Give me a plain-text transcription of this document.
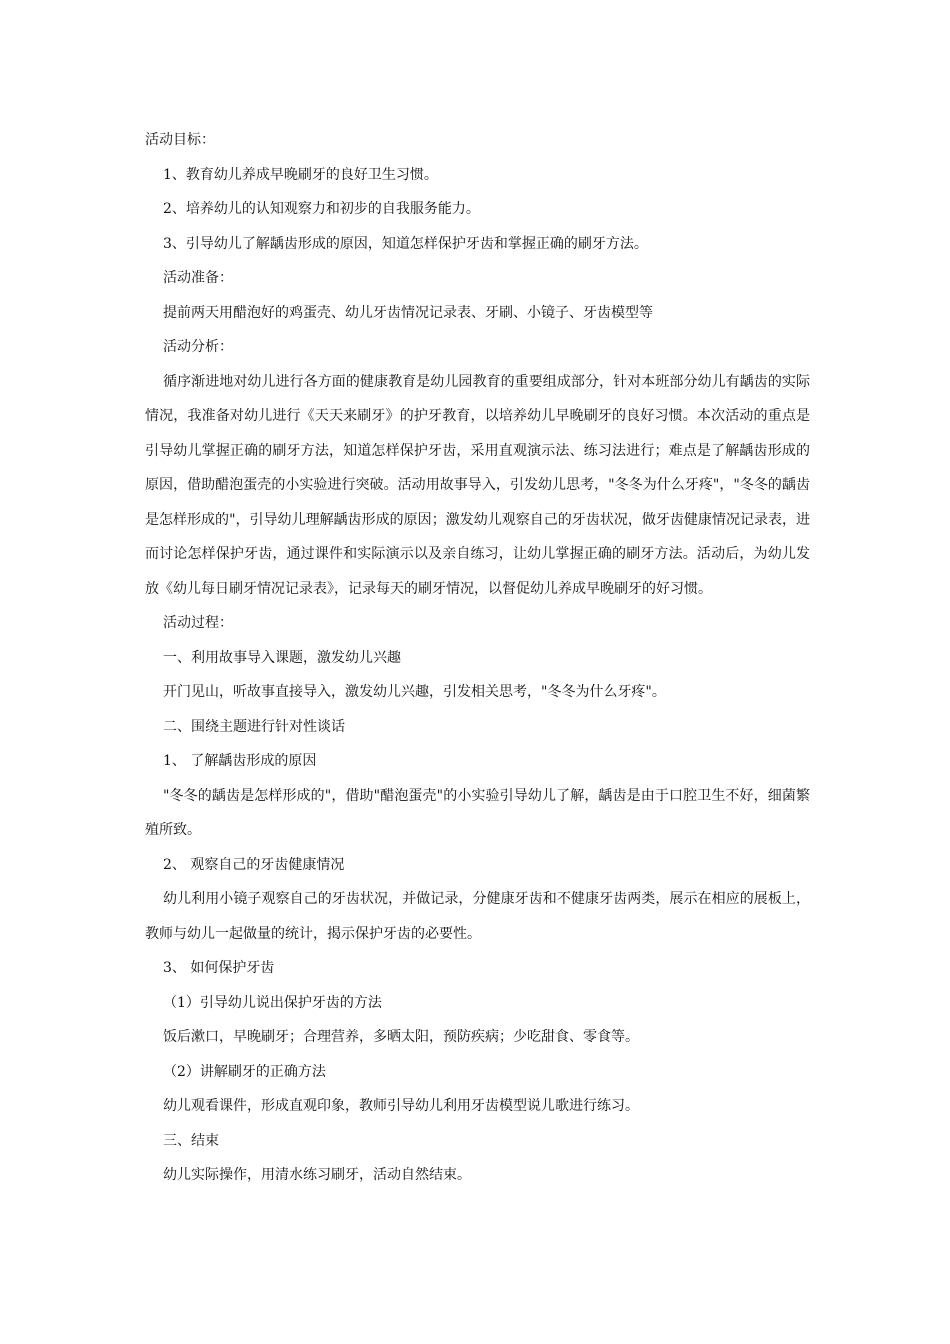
活动目标：

1、教育幼儿养成早晚刷牙的良好卫生习惯。

2、培养幼儿的认知观察力和初步的自我服务能力。

3、引导幼儿了解龋齿形成的原因，知道怎样保护牙齿和掌握正确的刷牙方法。

活动准备：

提前两天用醋泡好的鸡蛋壳、幼儿牙齿情况记录表、牙刷、小镜子、牙齿模型等

活动分析：

循序渐进地对幼儿进行各方面的健康教育是幼儿园教育的重要组成部分，针对本班部分幼儿有龋齿的实际情况，我准备对幼儿进行《天天来刷牙》的护牙教育，以培养幼儿早晚刷牙的良好习惯。本次活动的重点是引导幼儿掌握正确的刷牙方法，知道怎样保护牙齿，采用直观演示法、练习法进行；难点是了解龋齿形成的原因，借助醋泡蛋壳的小实验进行突破。活动用故事导入，引发幼儿思考，"冬冬为什么牙疼"，"冬冬的龋齿是怎样形成的"，引导幼儿理解龋齿形成的原因；激发幼儿观察自己的牙齿状况，做牙齿健康情况记录表，进而讨论怎样保护牙齿，通过课件和实际演示以及亲自练习，让幼儿掌握正确的刷牙方法。活动后，为幼儿发放《幼儿每日刷牙情况记录表》，记录每天的刷牙情况，以督促幼儿养成早晚刷牙的好习惯。

活动过程：

一、利用故事导入课题，激发幼儿兴趣

开门见山，听故事直接导入，激发幼儿兴趣，引发相关思考，"冬冬为什么牙疼"。

二、围绕主题进行针对性谈话

1、 了解龋齿形成的原因

"冬冬的龋齿是怎样形成的"，借助"醋泡蛋壳"的小实验引导幼儿了解，龋齿是由于口腔卫生不好，细菌繁殖所致。

2、 观察自己的牙齿健康情况

幼儿利用小镜子观察自己的牙齿状况，并做记录，分健康牙齿和不健康牙齿两类，展示在相应的展板上，教师与幼儿一起做量的统计，揭示保护牙齿的必要性。

3、 如何保护牙齿

（1）引导幼儿说出保护牙齿的方法

饭后漱口，早晚刷牙；合理营养，多晒太阳，预防疾病；少吃甜食、零食等。

（2）讲解刷牙的正确方法

幼儿观看课件，形成直观印象，教师引导幼儿利用牙齿模型说儿歌进行练习。

三、结束

幼儿实际操作，用清水练习刷牙，活动自然结束。
